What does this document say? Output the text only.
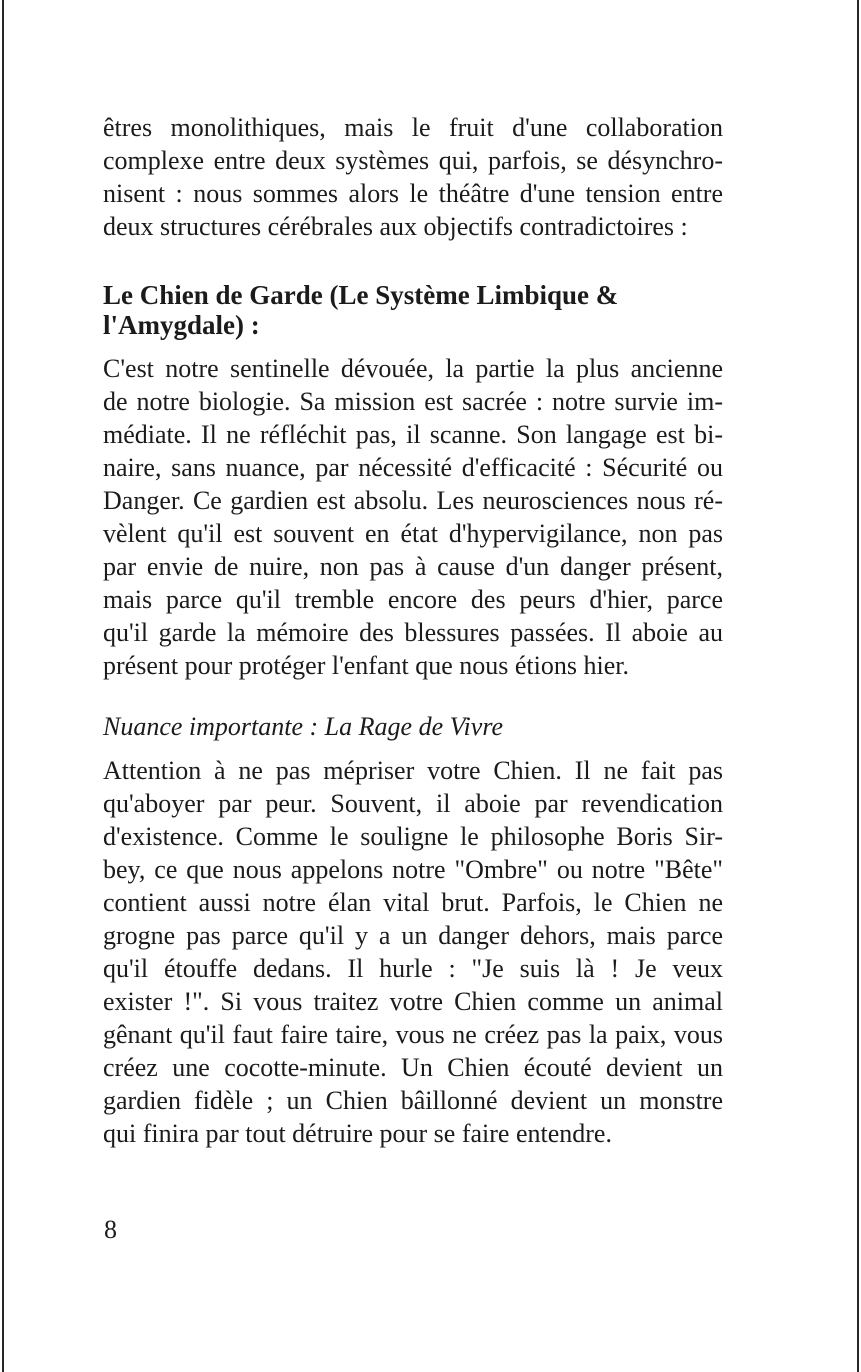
êtres monolithiques, mais le fruit d'une collaboration
complexe entre deux systèmes qui, parfois, se désynchro-
nisent : nous sommes alors le théâtre d'une tension entre
deux structures cérébrales aux objectifs contradictoires :
Le Chien de Garde (Le Système Limbique &
l'Amygdale) :
C'est notre sentinelle dévouée, la partie la plus ancienne
de notre biologie. Sa mission est sacrée : notre survie im-
médiate. Il ne réfléchit pas, il scanne. Son langage est bi-
naire, sans nuance, par nécessité d'efficacité : Sécurité ou
Danger. Ce gardien est absolu. Les neurosciences nous ré-
vèlent qu'il est souvent en état d'hypervigilance, non pas
par envie de nuire, non pas à cause d'un danger présent,
mais parce qu'il tremble encore des peurs d'hier, parce
qu'il garde la mémoire des blessures passées. Il aboie au
présent pour protéger l'enfant que nous étions hier.
Nuance importante : La Rage de Vivre
Attention à ne pas mépriser votre Chien. Il ne fait pas
qu'aboyer par peur. Souvent, il aboie par revendication
d'existence. Comme le souligne le philosophe Boris Sir-
bey, ce que nous appelons notre "Ombre" ou notre "Bête"
contient aussi notre élan vital brut. Parfois, le Chien ne
grogne pas parce qu'il y a un danger dehors, mais parce
qu'il étouffe dedans. Il hurle : "Je suis là ! Je veux
exister !". Si vous traitez votre Chien comme un animal
gênant qu'il faut faire taire, vous ne créez pas la paix, vous
créez une cocotte-minute. Un Chien écouté devient un
gardien fidèle ; un Chien bâillonné devient un monstre
qui finira par tout détruire pour se faire entendre.
8
